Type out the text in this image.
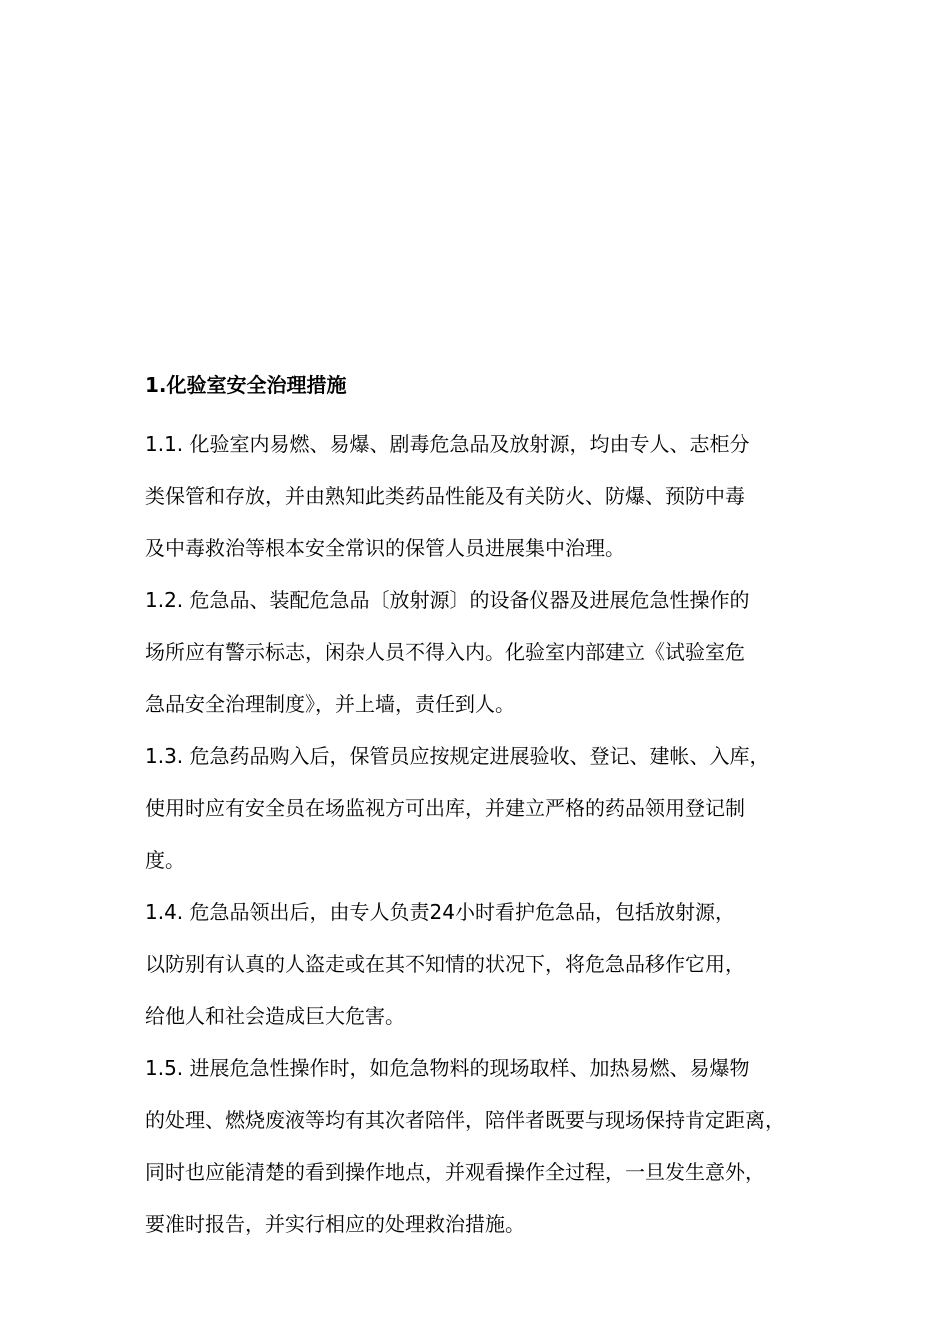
1.化验室安全治理措施
1.1. 化验室内易燃、易爆、剧毒危急品及放射源，均由专人、志柜分
类保管和存放，并由熟知此类药品性能及有关防火、防爆、预防中毒
及中毒救治等根本安全常识的保管人员进展集中治理。
1.2. 危急品、装配危急品〔放射源〕的设备仪器及进展危急性操作的
场所应有警示标志，闲杂人员不得入内。化验室内部建立《试验室危
急品安全治理制度》，并上墙，责任到人。
1.3. 危急药品购入后，保管员应按规定进展验收、登记、建帐、入库，
使用时应有安全员在场监视方可出库，并建立严格的药品领用登记制
度。
1.4. 危急品领出后，由专人负责24小时看护危急品，包括放射源，
以防别有认真的人盗走或在其不知情的状况下，将危急品移作它用，
给他人和社会造成巨大危害。
1.5. 进展危急性操作时，如危急物料的现场取样、加热易燃、易爆物
的处理、燃烧废液等均有其次者陪伴，陪伴者既要与现场保持肯定距离，
同时也应能清楚的看到操作地点，并观看操作全过程，一旦发生意外，
要准时报告，并实行相应的处理救治措施。
